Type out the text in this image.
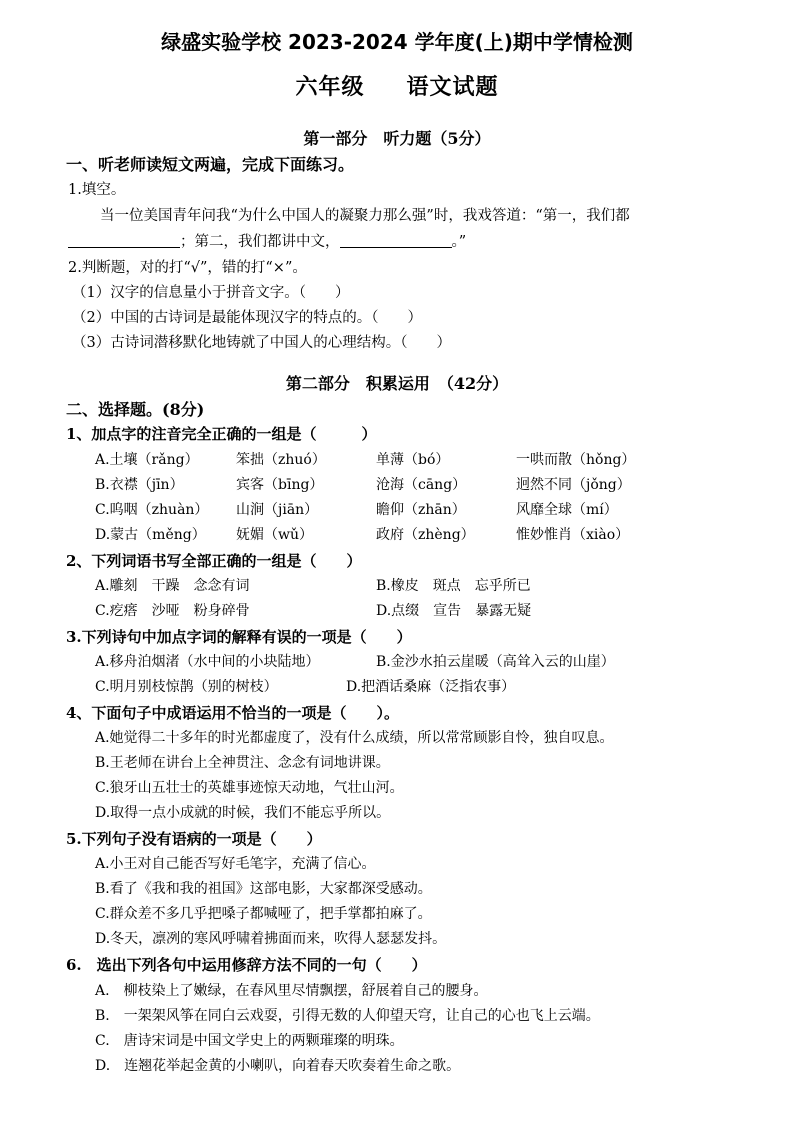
绿盛实验学校 2023-2024 学年度(上)期中学情检测
六年级 语文试题
第一部分　听力题（5分）
一、听老师读短文两遍，完成下面练习。
1.填空。
当一位美国青年问我“为什么中国人的凝聚力那么强”时，我戏答道：“第一，我们都
；第二，我们都讲中文，	。”
2.判断题，对的打“√”，错的打“×”。
（1）汉字的信息量小于拼音文字。（　　）
（2）中国的古诗词是最能体现汉字的特点的。（　　）
（3）古诗词潜移默化地铸就了中国人的心理结构。（　　）
第二部分　积累运用　（42分）
二、选择题。(8分)
1、加点字的注音完全正确的一组是（　　　）
A.土壤（rǎng）	笨拙（zhuó）	单薄（bó）	一哄而散（hǒng）
B.衣襟（jīn）	宾客（bīng）	沧海（cāng）	迥然不同（jǒng）
C.呜咽（zhuàn） 山涧（jiān）	瞻仰（zhān）	风靡全球（mí）
D.蒙古（měng） 妩媚（wǔ）	政府（zhèng）	惟妙惟肖（xiào）
2、下列词语书写全部正确的一组是（　　）
A.雕刻　干躁　念念有词	B.橡皮　斑点　忘乎所已
C.疙瘩　沙哑　粉身碎骨	D.点缀　宣告　暴露无疑
3.下列诗句中加点字词的解释有误的一项是（　　）
A.移舟泊烟渚（水中间的小块陆地）	B.金沙水拍云崖暖（高耸入云的山崖）
C.明月别枝惊鹊（别的树枝）	D.把酒话桑麻（泛指农事）
4、下面句子中成语运用不恰当的一项是（　　）。
A.她觉得二十多年的时光都虚度了，没有什么成绩，所以常常顾影自怜，独自叹息。
B.王老师在讲台上全神贯注、念念有词地讲课。
C.狼牙山五壮士的英雄事迹惊天动地，气壮山河。
D.取得一点小成就的时候，我们不能忘乎所以。
5.下列句子没有语病的一项是（　　）
A.小王对自己能否写好毛笔字，充满了信心。
B.看了《我和我的祖国》这部电影，大家都深受感动。
C.群众差不多几乎把嗓子都喊哑了，把手掌都拍麻了。
D.冬天，凛冽的寒风呼啸着拂面而来，吹得人瑟瑟发抖。
6.　选出下列各句中运用修辞方法不同的一句（　　）
A.　柳枝染上了嫩绿，在春风里尽情飘摆，舒展着自己的腰身。
B.　一架架风筝在同白云戏耍，引得无数的人仰望天穹，让自己的心也飞上云端。
C.　唐诗宋词是中国文学史上的两颗璀璨的明珠。
D.　连翘花举起金黄的小喇叭，向着春天吹奏着生命之歌。
